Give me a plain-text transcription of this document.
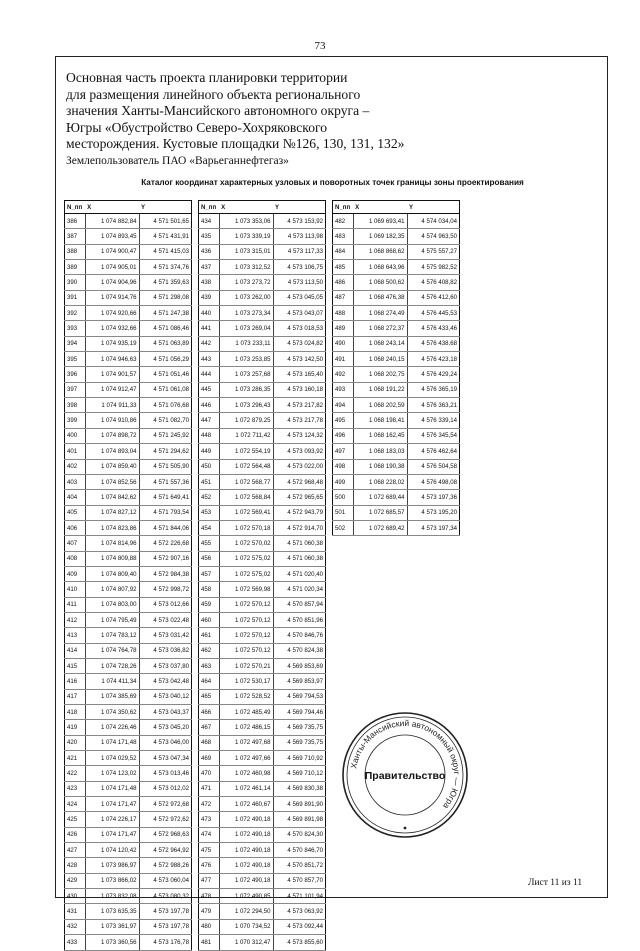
73
Основная часть проекта планировки территории
для размещения линейного объекта регионального
значения Ханты-Мансийского автономного округа –
Югры «Обустройство Северо-Хохряковского
месторождения. Кустовые площадки №126, 130, 131, 132»
Землепользователь ПАО «Варьеганнефтегаз»
Каталог координат характерных узловых и поворотных точек границы зоны проектирования
N_пп	X	Y
386	1 074 882,84	4 571 501,65
387	1 074 893,45	4 571 431,91
388	1 074 900,47	4 571 415,03
389	1 074 905,01	4 571 374,76
390	1 074 904,96	4 571 359,63
391	1 074 914,76	4 571 298,08
392	1 074 920,66	4 571 247,38
393	1 074 932,66	4 571 086,46
394	1 074 935,19	4 571 063,89
395	1 074 946,63	4 571 056,29
396	1 074 901,57	4 571 051,46
397	1 074 912,47	4 571 061,08
398	1 074 911,33	4 571 076,68
399	1 074 910,86	4 571 082,70
400	1 074 898,72	4 571 245,92
401	1 074 893,04	4 571 294,62
402	1 074 859,40	4 571 505,90
403	1 074 852,56	4 571 557,36
404	1 074 842,62	4 571 649,41
405	1 074 827,12	4 571 793,54
406	1 074 823,86	4 571 844,06
407	1 074 814,96	4 572 226,68
408	1 074 809,88	4 572 907,16
409	1 074 809,40	4 572 984,38
410	1 074 807,92	4 572 998,72
411	1 074 803,00	4 573 012,66
412	1 074 795,49	4 573 022,48
413	1 074 783,12	4 573 031,42
414	1 074 764,78	4 573 036,82
415	1 074 728,26	4 573 037,80
416	1 074 411,34	4 573 042,48
417	1 074 385,69	4 573 040,12
418	1 074 350,62	4 573 043,37
419	1 074 226,46	4 573 045,20
420	1 074 171,48	4 573 046,00
421	1 074 029,52	4 573 047,34
422	1 074 123,02	4 573 013,46
423	1 074 171,48	4 573 012,02
424	1 074 171,47	4 572 972,68
425	1 074 226,17	4 572 972,62
426	1 074 171,47	4 572 968,63
427	1 074 120,42	4 572 964,92
428	1 073 986,97	4 572 988,26
429	1 073 866,02	4 573 060,04
430	1 073 832,08	4 573 080,32
431	1 073 635,35	4 573 197,78
432	1 073 361,97	4 573 197,78
433	1 073 360,56	4 573 176,78
N_пп	X	Y
434	1 073 353,06	4 573 153,92
435	1 073 339,19	4 573 113,98
436	1 073 315,01	4 573 117,33
437	1 073 312,52	4 573 106,75
438	1 073 273,72	4 573 113,50
439	1 073 262,00	4 573 045,05
440	1 073 273,34	4 573 043,07
441	1 073 269,04	4 573 018,53
442	1 073 233,11	4 573 024,82
443	1 073 253,85	4 573 142,50
444	1 073 257,68	4 573 165,40
445	1 073 286,35	4 573 160,18
446	1 073 296,43	4 573 217,82
447	1 072 879,25	4 573 217,78
448	1 072 711,42	4 573 124,32
449	1 072 554,19	4 573 093,92
450	1 072 564,48	4 573 022,00
451	1 072 568,77	4 572 968,48
452	1 072 568,84	4 572 965,65
453	1 072 569,41	4 572 943,79
454	1 072 570,18	4 572 914,70
455	1 072 570,02	4 571 060,38
456	1 072 575,02	4 571 060,38
457	1 072 575,02	4 571 020,40
458	1 072 569,98	4 571 020,34
459	1 072 570,12	4 570 857,94
460	1 072 570,12	4 570 851,96
461	1 072 570,12	4 570 846,76
462	1 072 570,12	4 570 824,38
463	1 072 570,21	4 569 853,69
464	1 072 530,17	4 569 853,97
465	1 072 528,52	4 569 794,53
466	1 072 485,49	4 569 794,46
467	1 072 486,15	4 569 735,75
468	1 072 497,68	4 569 735,75
469	1 072 497,66	4 569 710,92
470	1 072 460,98	4 569 710,12
471	1 072 461,14	4 569 830,38
472	1 072 460,67	4 569 891,90
473	1 072 490,18	4 569 891,98
474	1 072 490,18	4 570 824,30
475	1 072 490,18	4 570 846,70
476	1 072 490,18	4 570 851,72
477	1 072 490,18	4 570 857,70
478	1 072 490,85	4 571 101,94
479	1 072 294,50	4 573 063,92
480	1 070 734,52	4 573 092,44
481	1 070 312,47	4 573 855,60
N_пп	X	Y
482	1 069 693,41	4 574 034,04
483	1 069 182,35	4 574 963,50
484	1 068 868,62	4 575 557,27
485	1 068 643,96	4 575 982,52
486	1 068 500,62	4 576 408,82
487	1 068 476,38	4 576 412,60
488	1 068 274,49	4 576 445,53
489	1 068 272,37	4 576 433,46
490	1 068 243,14	4 576 438,68
491	1 068 240,15	4 576 423,18
492	1 068 202,75	4 576 429,24
493	1 068 191,22	4 576 365,19
494	1 068 202,59	4 576 363,21
495	1 068 198,41	4 576 339,14
496	1 068 162,45	4 576 345,54
497	1 068 183,03	4 576 462,64
498	1 068 190,38	4 576 504,58
499	1 068 228,02	4 576 498,08
500	1 072 689,44	4 573 197,36
501	1 072 685,57	4 573 195,20
502	1 072 689,42	4 573 197,34
Ханты-Мансийский автономный округ — Югра
Правительство
Лист 11 из 11
